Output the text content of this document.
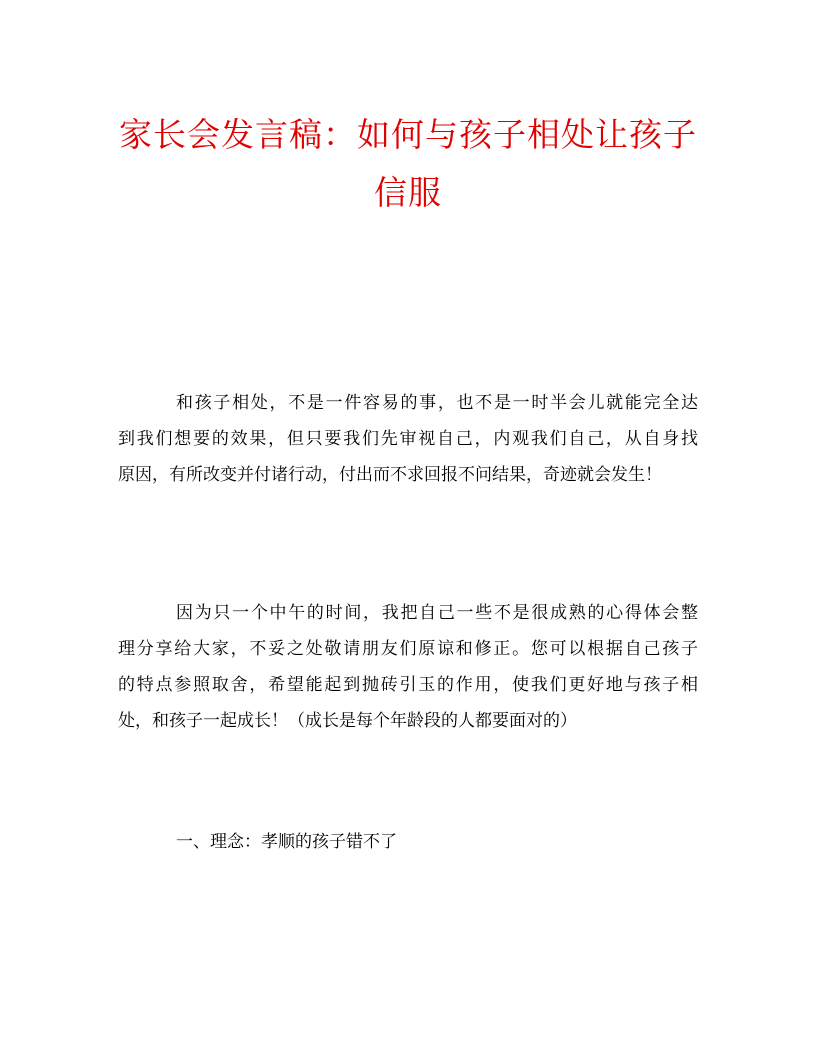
家长会发言稿：如何与孩子相处让孩子
信服

和孩子相处，不是一件容易的事，也不是一时半会儿就能完全达
到我们想要的效果，但只要我们先审视自己，内观我们自己，从自身找
原因，有所改变并付诸行动，付出而不求回报不问结果，奇迹就会发生！

因为只一个中午的时间，我把自己一些不是很成熟的心得体会整
理分享给大家，不妥之处敬请朋友们原谅和修正。您可以根据自己孩子
的特点参照取舍，希望能起到抛砖引玉的作用，使我们更好地与孩子相
处，和孩子一起成长！（成长是每个年龄段的人都要面对的）

一、理念：孝顺的孩子错不了
